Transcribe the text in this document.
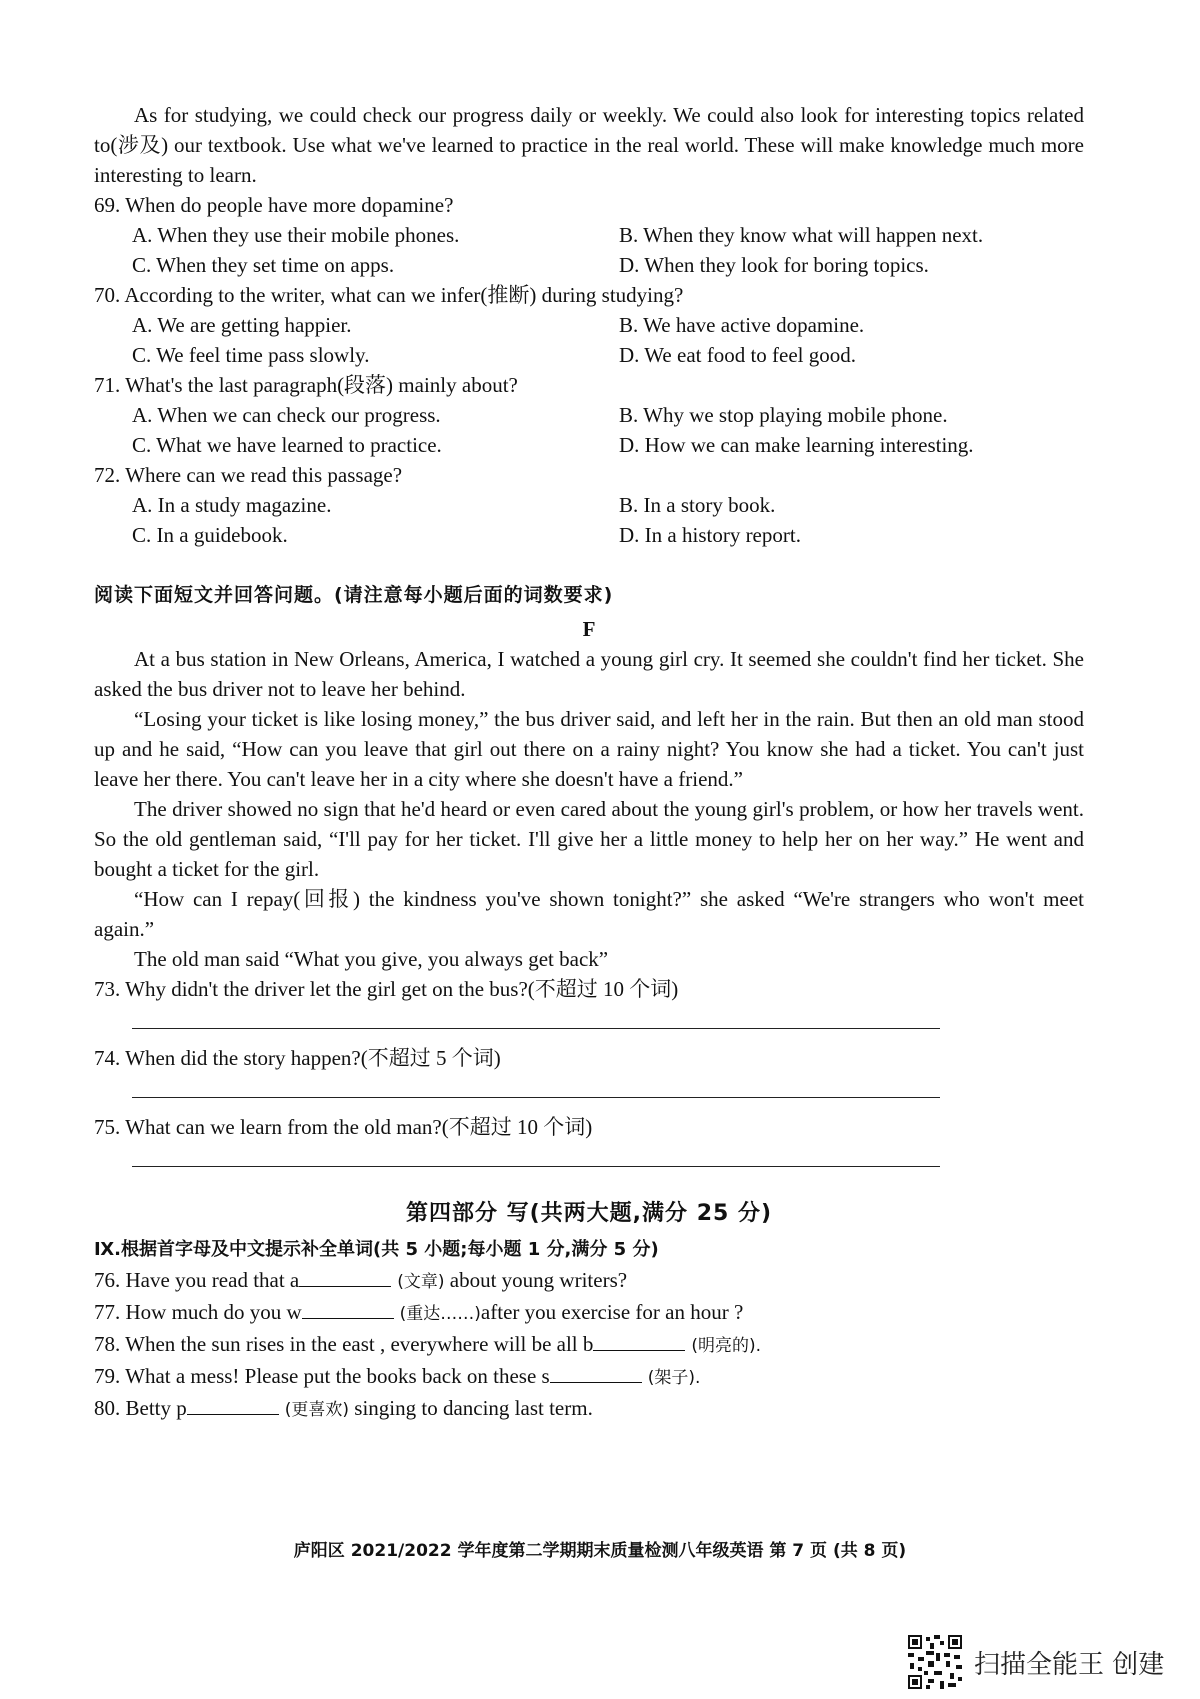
As for studying, we could check our progress daily or weekly. We could also look for interesting topics related to(涉及) our textbook. Use what we've learned to practice in the real world. These will make knowledge much more interesting to learn.

69. When do people have more dopamine?

A. When they use their mobile phones.	B. When they know what will happen next.
C. When they set time on apps.	D. When they look for boring topics.

70. According to the writer, what can we infer(推断) during studying?

A. We are getting happier.	B. We have active dopamine.
C. We feel time pass slowly.	D. We eat food to feel good.

71. What's the last paragraph(段落) mainly about?

A. When we can check our progress.	B. Why we stop playing mobile phone.
C. What we have learned to practice.	D. How we can make learning interesting.

72. Where can we read this passage?

A. In a study magazine.	B. In a story book.
C. In a guidebook.	D. In a history report.

阅读下面短文并回答问题。(请注意每小题后面的词数要求)

F

At a bus station in New Orleans, America, I watched a young girl cry. It seemed she couldn't find her ticket. She asked the bus driver not to leave her behind.

“Losing your ticket is like losing money,” the bus driver said, and left her in the rain. But then an old man stood up and he said, “How can you leave that girl out there on a rainy night? You know she had a ticket. You can't just leave her there. You can't leave her in a city where she doesn't have a friend.”

The driver showed no sign that he'd heard or even cared about the young girl's problem, or how her travels went. So the old gentleman said, “I'll pay for her ticket. I'll give her a little money to help her on her way.” He went and bought a ticket for the girl.

“How can I repay(回报) the kindness you've shown tonight?” she asked “We're strangers who won't meet again.”

The old man said “What you give, you always get back”

73. Why didn't the driver let the girl get on the bus?(不超过 10 个词)

74. When did the story happen?(不超过 5 个词)

75. What can we learn from the old man?(不超过 10 个词)

第四部分 写(共两大题,满分 25 分)

Ⅸ.根据首字母及中文提示补全单词(共 5 小题;每小题 1 分,满分 5 分)

76. Have you read that a	(文章) about young writers?

77. How much do you w	(重达……)after you exercise for an hour ?

78. When the sun rises in the east , everywhere will be all b	(明亮的).

79. What a mess! Please put the books back on these s	(架子).

80. Betty p	(更喜欢) singing to dancing last term.

庐阳区 2021/2022 学年度第二学期期末质量检测八年级英语 第 7 页 (共 8 页)
扫描全能王 创建
